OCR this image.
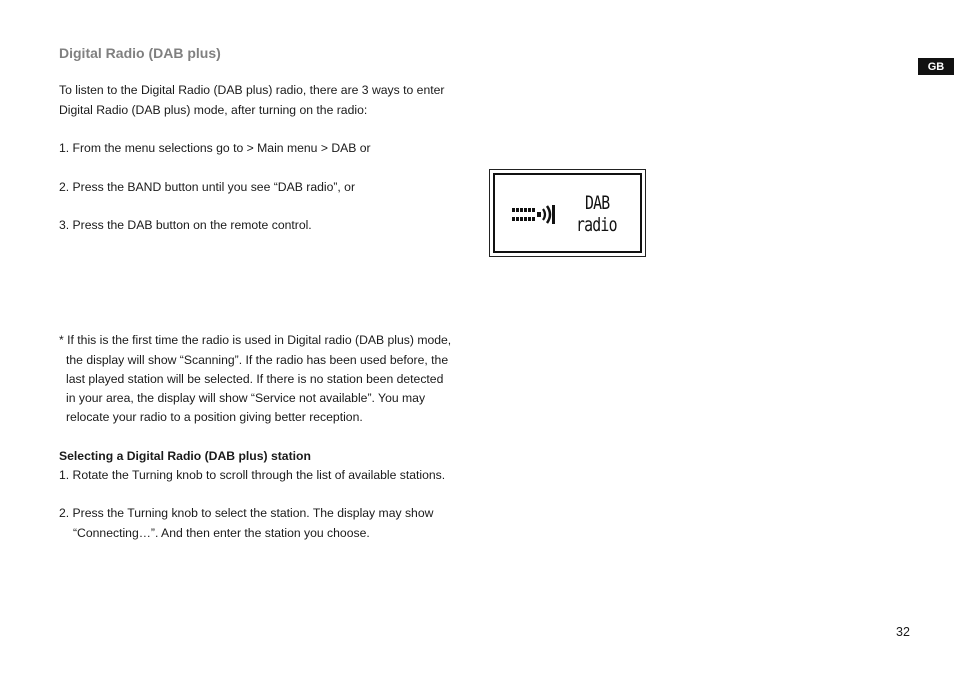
Digital Radio (DAB plus)
GB
To listen to the Digital Radio (DAB plus) radio, there are 3 ways to enter
Digital Radio (DAB plus) mode, after turning on the radio:
1. From the menu selections go to > Main menu > DAB or
2. Press the BAND button until you see “DAB radio”, or
3. Press the DAB button on the remote control.
DAB
radio
* If this is the first time the radio is used in Digital radio (DAB plus) mode,
the display will show “Scanning”. If the radio has been used before, the
last played station will be selected. If there is no station been detected
in your area, the display will show “Service not available”. You may
relocate your radio to a position giving better reception.
Selecting a Digital Radio (DAB plus) station
1. Rotate the Turning knob to scroll through the list of available stations.
2. Press the Turning knob to select the station. The display may show
“Connecting…”. And then enter the station you choose.
32
